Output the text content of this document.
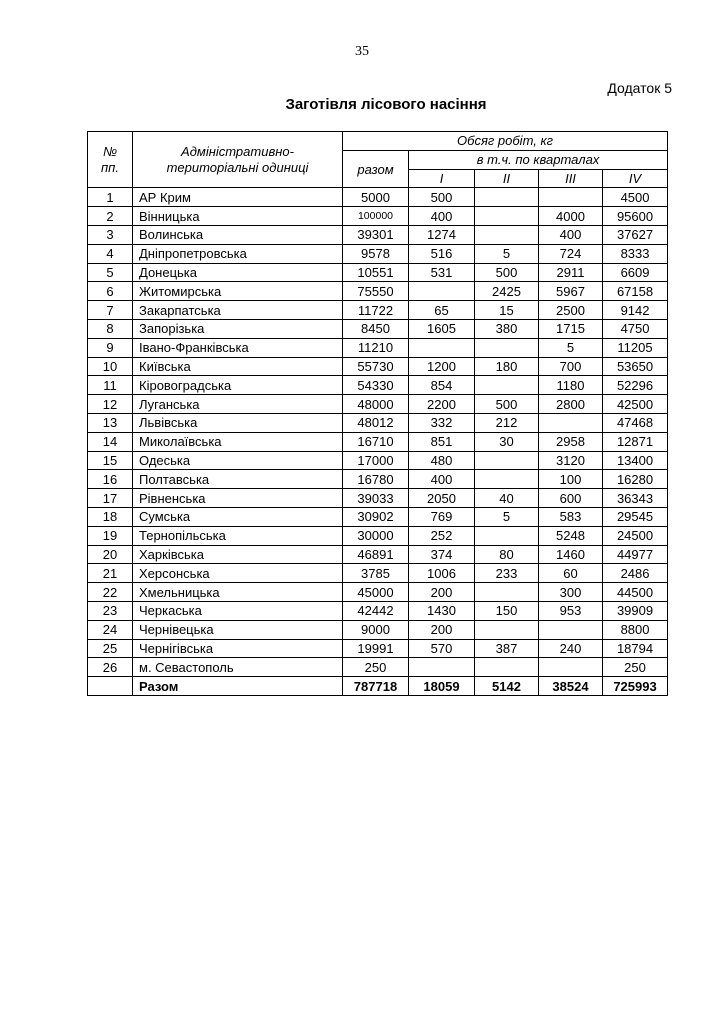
35
Додаток 5
Заготівля лісового насіння
№
пп.	Адміністративно-
територіальні одиниці	Обсяг робіт, кг				
		разом	в т.ч. по кварталах			
			I	II	III	IV
1	АР Крим	5000	500			4500
2	Вінницька	100000	400		4000	95600
3	Волинська	39301	1274		400	37627
4	Дніпропетровська	9578	516	5	724	8333
5	Донецька	10551	531	500	2911	6609
6	Житомирська	75550		2425	5967	67158
7	Закарпатська	11722	65	15	2500	9142
8	Запорізька	8450	1605	380	1715	4750
9	Івано-Франківська	11210			5	11205
10	Київська	55730	1200	180	700	53650
11	Кіровоградська	54330	854		1180	52296
12	Луганська	48000	2200	500	2800	42500
13	Львівська	48012	332	212		47468
14	Миколаївська	16710	851	30	2958	12871
15	Одеська	17000	480		3120	13400
16	Полтавська	16780	400		100	16280
17	Рівненська	39033	2050	40	600	36343
18	Сумська	30902	769	5	583	29545
19	Тернопільська	30000	252		5248	24500
20	Харківська	46891	374	80	1460	44977
21	Херсонська	3785	1006	233	60	2486
22	Хмельницька	45000	200		300	44500
23	Черкаська	42442	1430	150	953	39909
24	Чернівецька	9000	200			8800
25	Чернігівська	19991	570	387	240	18794
26	м. Севастополь	250				250
	Разом	787718	18059	5142	38524	725993
